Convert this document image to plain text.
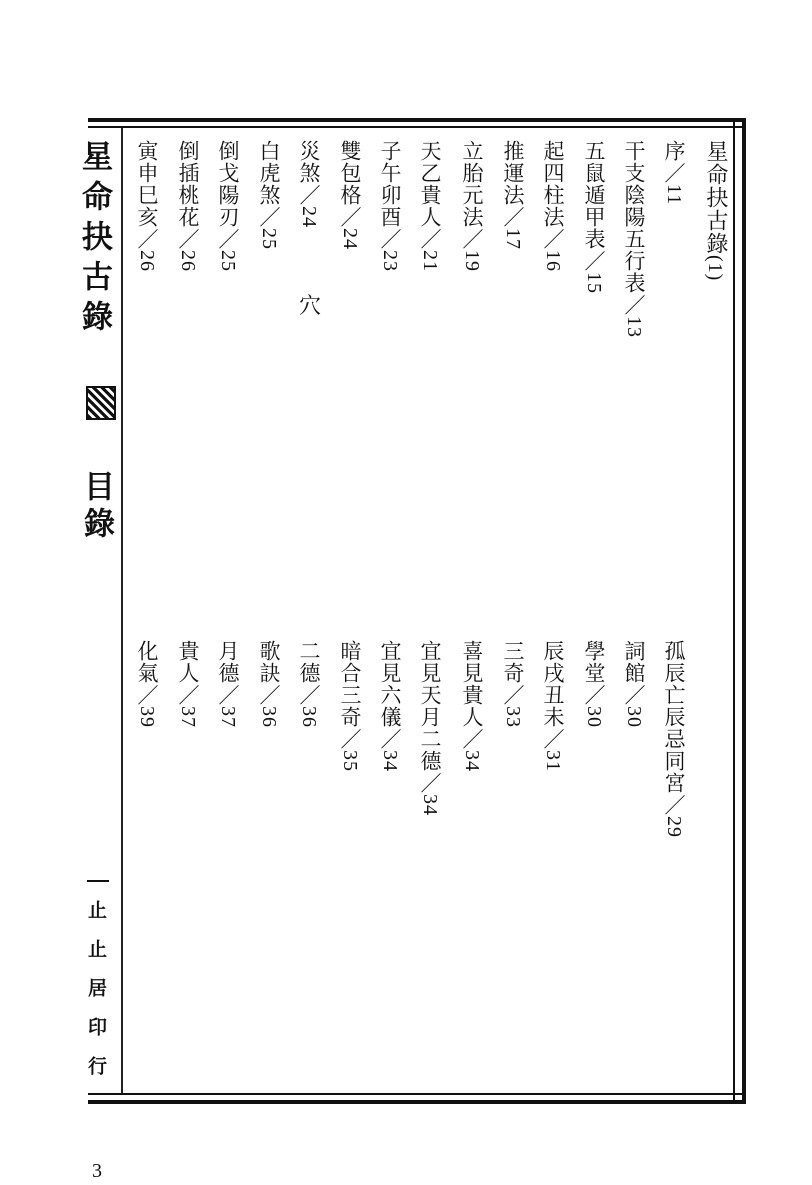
星命抉古錄
目錄
止止居印行
星命抉古錄(1)
穴
序／11
干支陰陽五行表／13
五鼠遁甲表／15
起四柱法／16
推運法／17
立胎元法／19
天乙貴人／21
子午卯酉／23
雙包格／24
災煞／24
白虎煞／25
倒戈陽刃／25
倒插桃花／26
寅申巳亥／26
孤辰亡辰忌同宮／29
詞館／30
學堂／30
辰戌丑未／31
三奇／33
喜見貴人／34
宜見天月二德／34
宜見六儀／34
暗合三奇／35
二德／36
歌訣／36
月德／37
貴人／37
化氣／39
3
